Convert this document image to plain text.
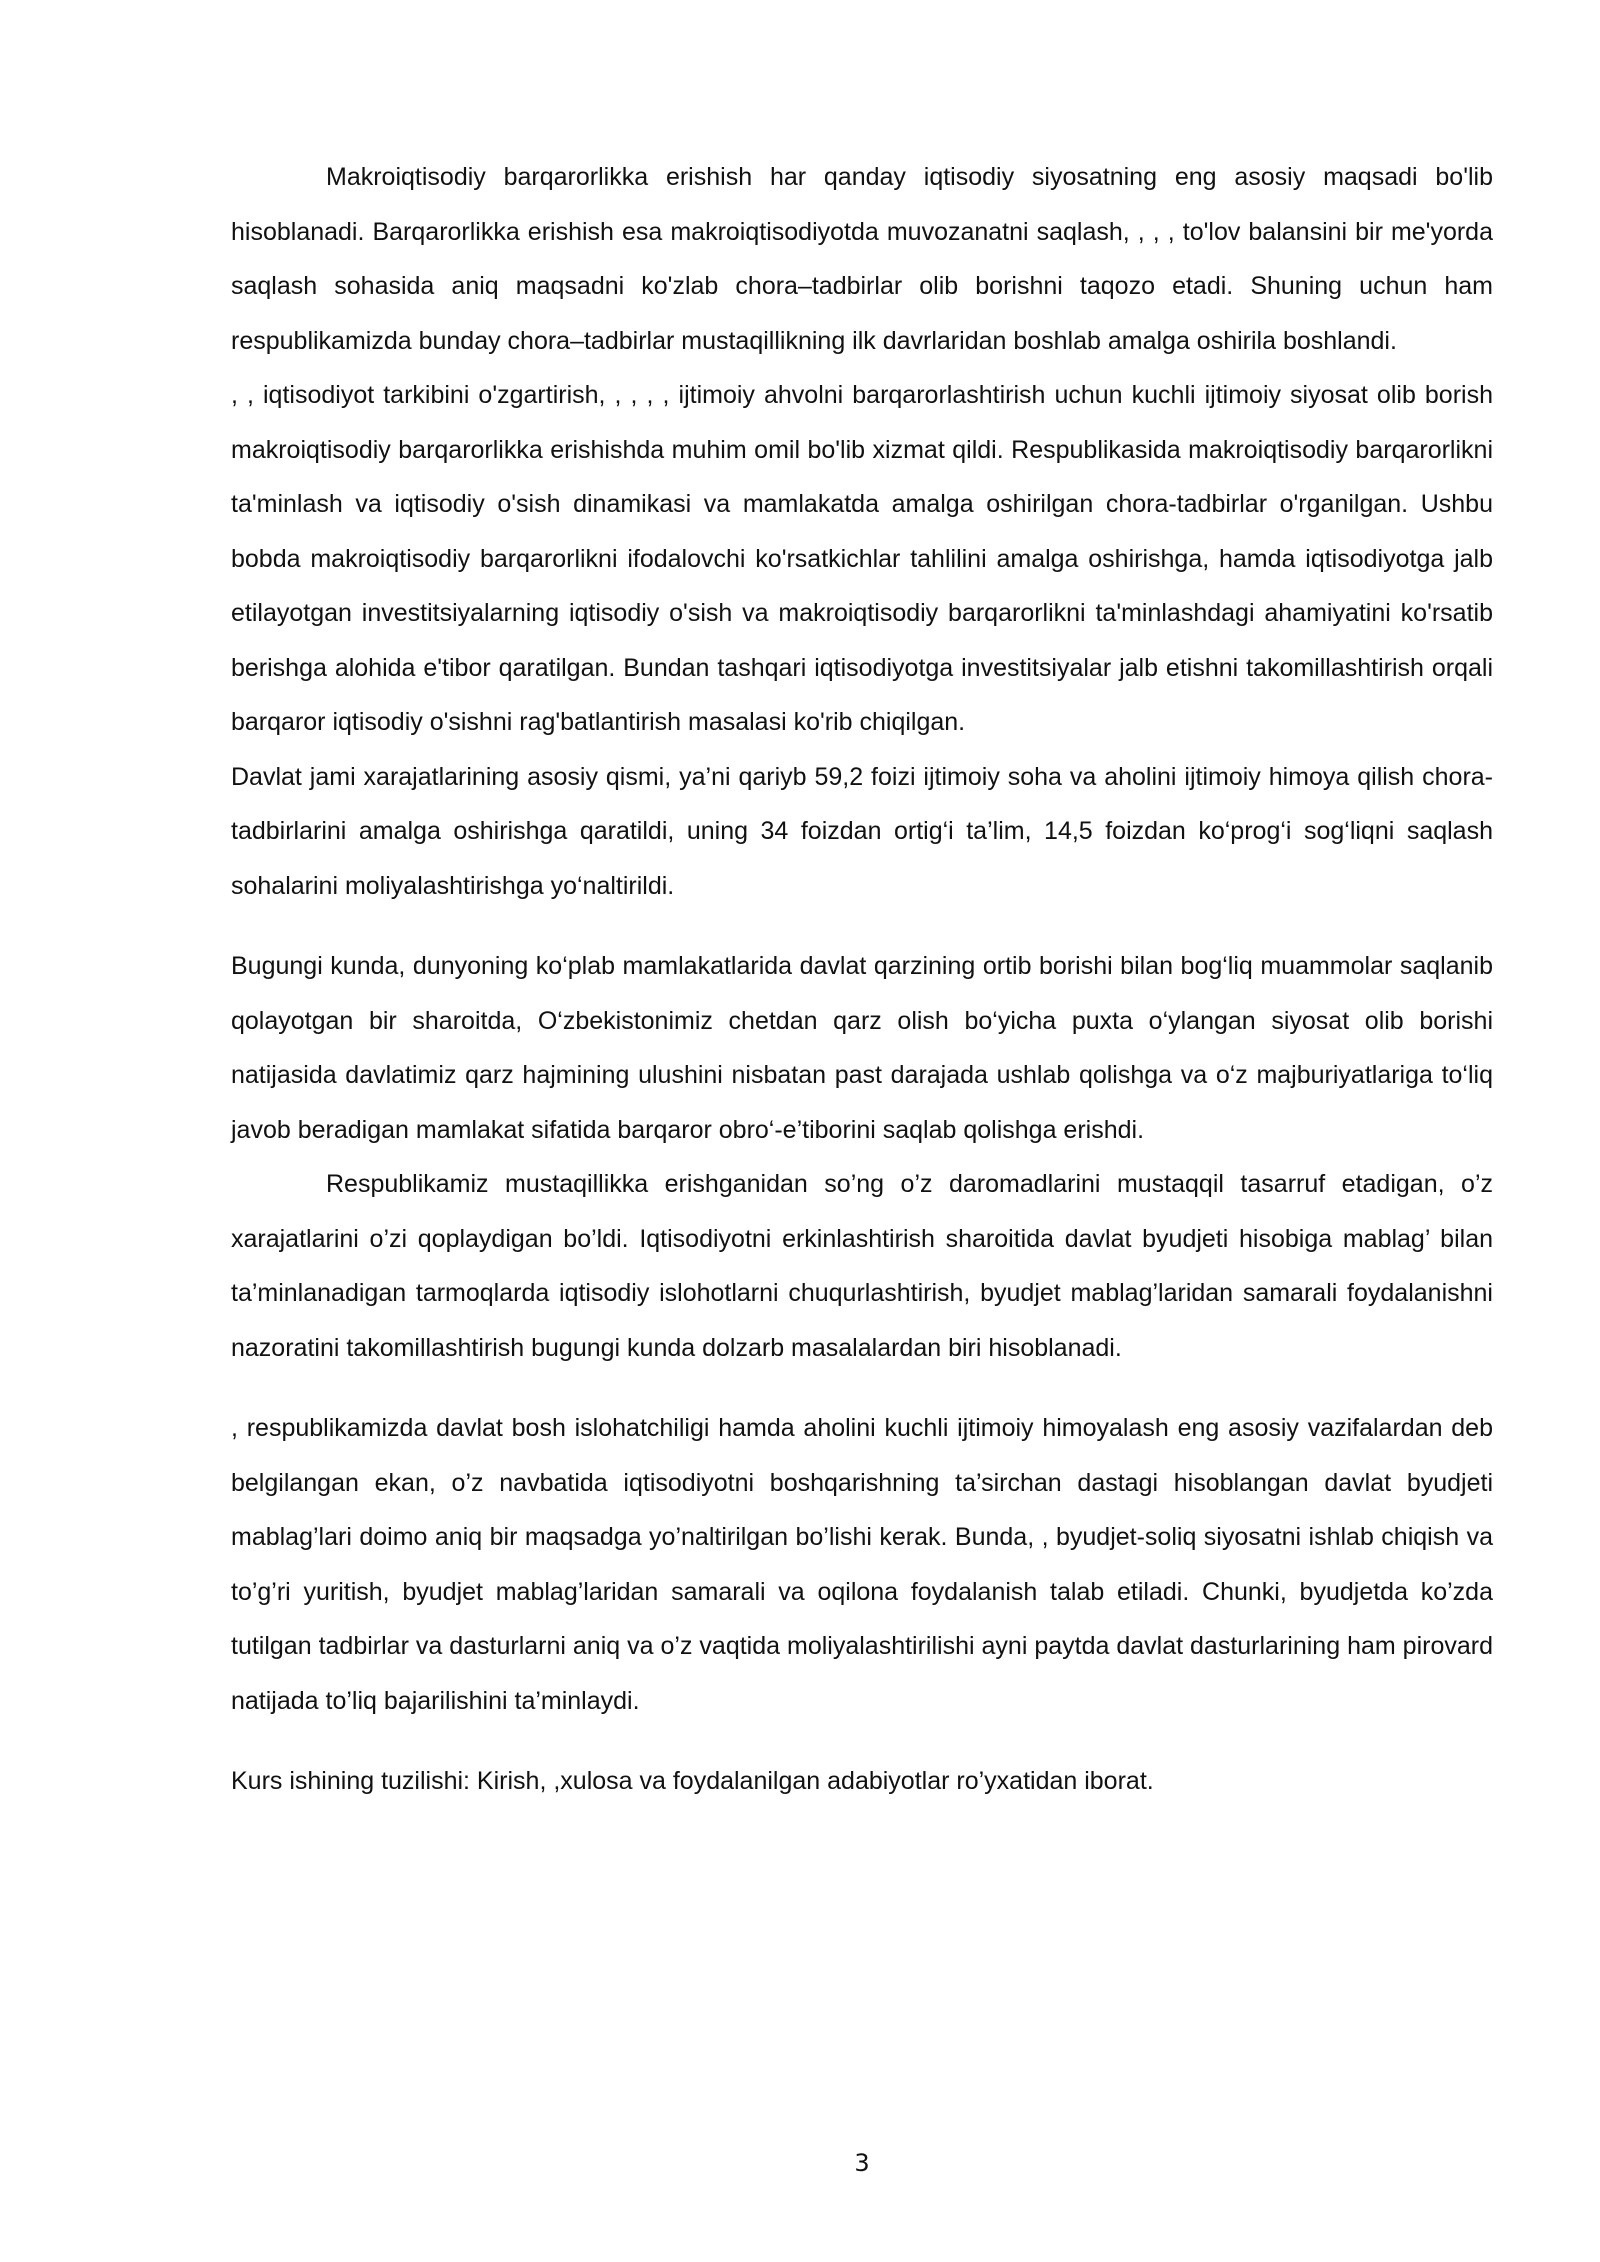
Makroiqtisodiy barqarorlikka erishish har qanday iqtisodiy siyosatning eng asosiy maqsadi bo'lib hisoblanadi. Barqarorlikka erishish esa makroiqtisodiyotda muvozanatni saqlash, , , , to'lov balansini bir me'yorda saqlash sohasida aniq maqsadni ko'zlab chora–tadbirlar olib borishni taqozo etadi. Shuning uchun ham respublikamizda bunday chora–tadbirlar mustaqillikning ilk davrlaridan boshlab amalga oshirila boshlandi.

, , iqtisodiyot tarkibini o'zgartirish, , , , , ijtimoiy ahvolni barqarorlashtirish uchun kuchli ijtimoiy siyosat olib borish makroiqtisodiy barqarorlikka erishishda muhim omil bo'lib xizmat qildi. Respublikasida makroiqtisodiy barqarorlikni ta'minlash va iqtisodiy o'sish dinamikasi va mamlakatda amalga oshirilgan chora-tadbirlar o'rganilgan. Ushbu bobda makroiqtisodiy barqarorlikni ifodalovchi ko'rsatkichlar tahlilini amalga oshirishga, hamda iqtisodiyotga jalb etilayotgan investitsiyalarning iqtisodiy o'sish va makroiqtisodiy barqarorlikni ta'minlashdagi ahamiyatini ko'rsatib berishga alohida e'tibor qaratilgan. Bundan tashqari iqtisodiyotga investitsiyalar jalb etishni takomillashtirish orqali barqaror iqtisodiy o'sishni rag'batlantirish masalasi ko'rib chiqilgan.

Davlat jami xarajatlarining asosiy qismi, ya’ni qariyb 59,2 foizi ijtimoiy soha va aholini ijtimoiy himoya qilish chora-tadbirlarini amalga oshirishga qaratildi, uning 34 foizdan ortig‘i ta’lim, 14,5 foizdan ko‘prog‘i sog‘liqni saqlash sohalarini moliyalashtirishga yo‘naltirildi.

Bugungi kunda, dunyoning ko‘plab mamlakatlarida davlat qarzining ortib borishi bilan bog‘liq muammolar saqlanib qolayotgan bir sharoitda, O‘zbekistonimiz chetdan qarz olish bo‘yicha puxta o‘ylangan siyosat olib borishi natijasida davlatimiz qarz hajmining ulushini nisbatan past darajada ushlab qolishga va o‘z majburiyatlariga to‘liq javob beradigan mamlakat sifatida barqaror obro‘-e’tiborini saqlab qolishga erishdi.

Respublikamiz mustaqillikka erishganidan so’ng o’z daromadlarini mustaqqil tasarruf etadigan, o’z xarajatlarini o’zi qoplaydigan bo’ldi. Iqtisodiyotni erkinlashtirish sharoitida davlat byudjeti hisobiga mablag’ bilan ta’minlanadigan tarmoqlarda iqtisodiy islohotlarni chuqurlashtirish, byudjet mablag’laridan samarali foydalanishni nazoratini takomillashtirish bugungi kunda dolzarb masalalardan biri hisoblanadi.

, respublikamizda davlat bosh islohatchiligi hamda aholini kuchli ijtimoiy himoyalash eng asosiy vazifalardan deb belgilangan ekan, o’z navbatida iqtisodiyotni boshqarishning ta’sirchan dastagi hisoblangan davlat byudjeti mablag’lari doimo aniq bir maqsadga yo’naltirilgan bo’lishi kerak. Bunda, , byudjet-soliq siyosatni ishlab chiqish va to’g’ri yuritish, byudjet mablag’laridan samarali va oqilona foydalanish talab etiladi. Chunki, byudjetda ko’zda tutilgan tadbirlar va dasturlarni aniq va o’z vaqtida moliyalashtirilishi ayni paytda davlat dasturlarining ham pirovard natijada to’liq bajarilishini ta’minlaydi.

Kurs ishining tuzilishi: Kirish, ,xulosa va foydalanilgan adabiyotlar ro’yxatidan iborat.

3
